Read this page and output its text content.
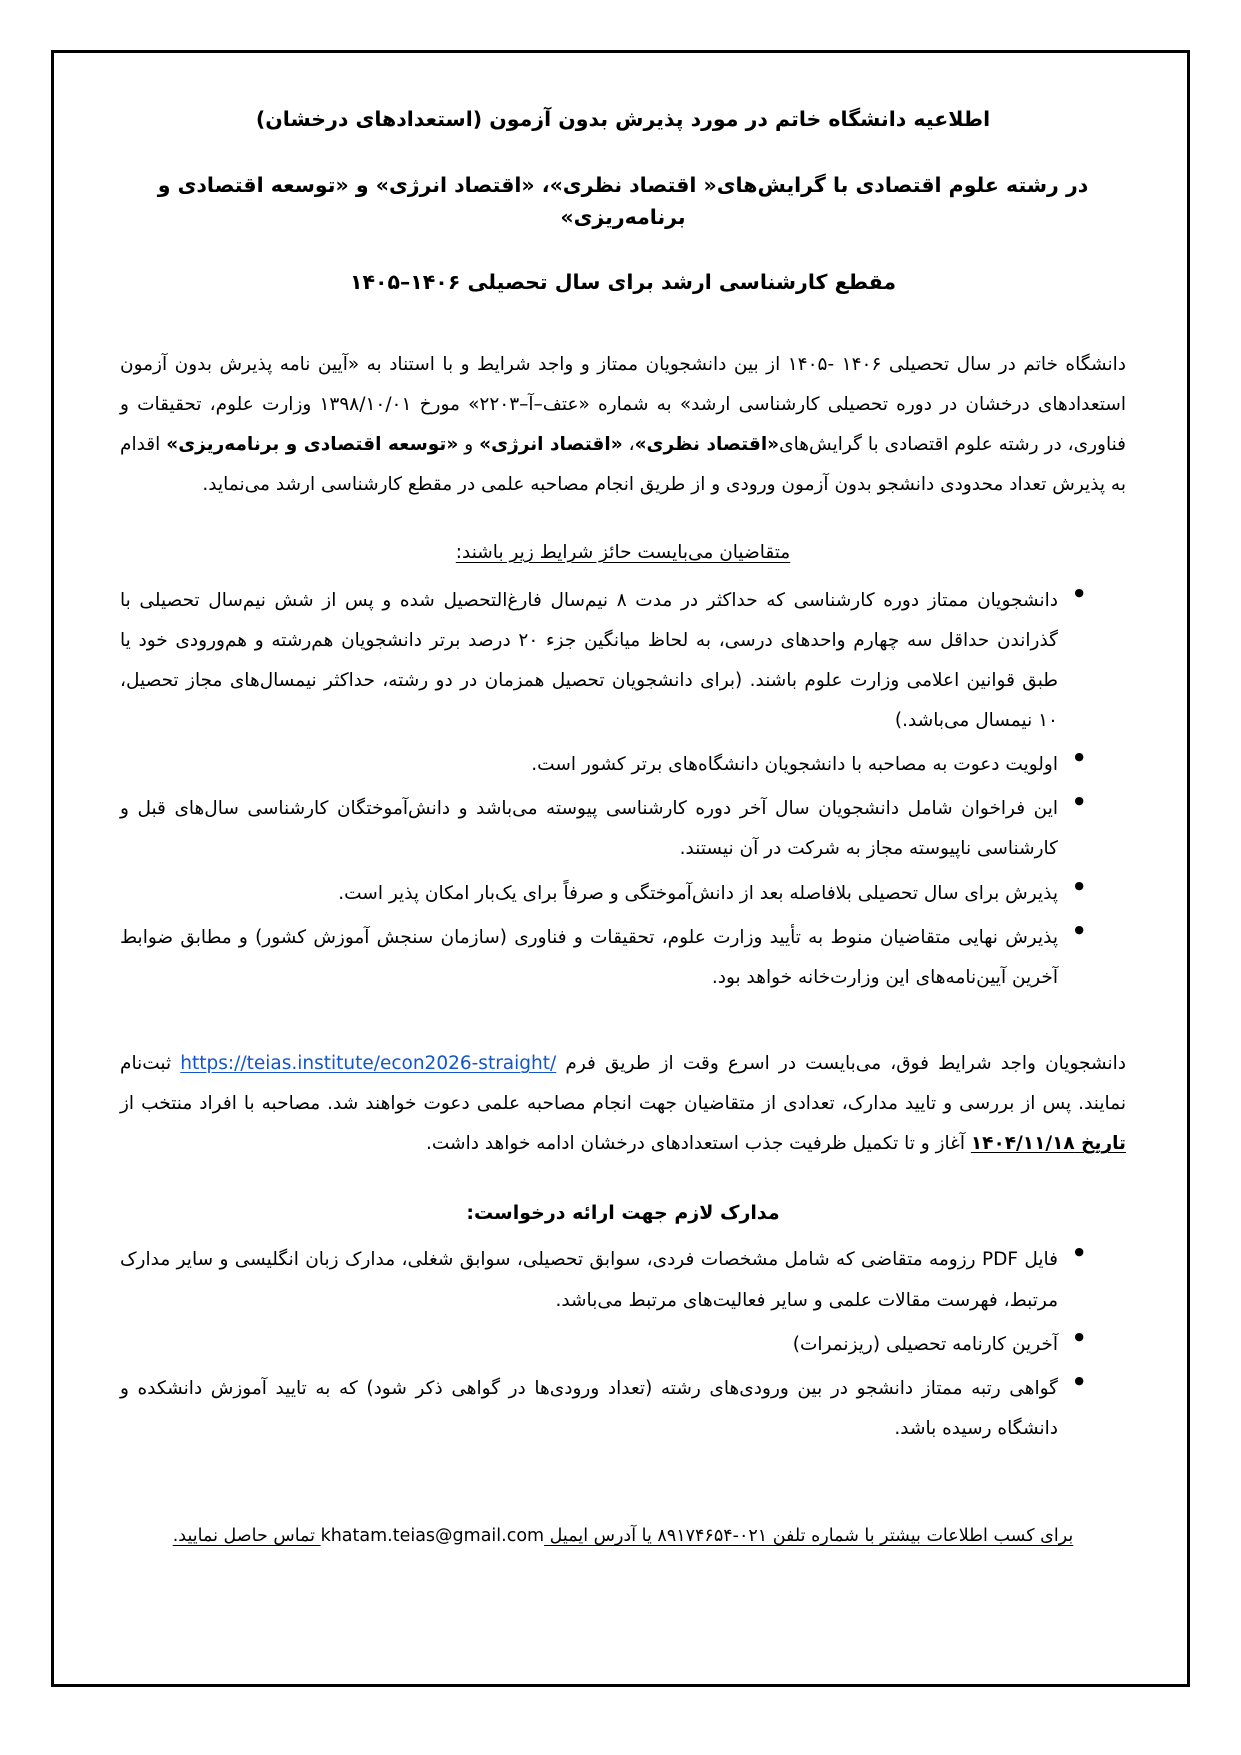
اطلاعیه دانشگاه خاتم در مورد پذیرش بدون آزمون (استعدادهای درخشان)
در رشته علوم اقتصادی با گرایش‌های« اقتصاد نظری»، «اقتصاد انرژی» و «توسعه اقتصادی و برنامه‌ریزی»
مقطع کارشناسی ارشد برای سال تحصیلی ۱۴۰۶–۱۴۰۵

دانشگاه خاتم در سال تحصیلی ۱۴۰۶ -۱۴۰۵ از بین دانشجویان ممتاز و واجد شرایط و با استناد به «آیین نامه پذیرش بدون آزمون استعدادهای درخشان در دوره تحصیلی کارشناسی ارشد» به شماره «عتف–آ–۲۲۰۳» مورخ ۱۳۹۸/۱۰/۰۱ وزارت علوم، تحقیقات و فناوری، در رشته علوم اقتصادی با گرایش‌های«اقتصاد نظری»، «اقتصاد انرژی» و «توسعه اقتصادی و برنامه‌ریزی» اقدام به پذیرش تعداد محدودی دانشجو بدون آزمون ورودی و از طریق انجام مصاحبه علمی در مقطع کارشناسی ارشد می‌نماید.

متقاضیان می‌بایست حائز شرایط زیر باشند:
● دانشجویان ممتاز دوره کارشناسی که حداکثر در مدت ۸ نیم‌سال فارغ‌التحصیل شده و پس از شش نیم‌سال تحصیلی با گذراندن حداقل سه چهارم واحدهای درسی، به لحاظ میانگین جزء ۲۰ درصد برتر دانشجویان هم‌رشته و هم‌ورودی خود یا طبق قوانین اعلامی وزارت علوم باشند. (برای دانشجویان تحصیل همزمان در دو رشته، حداکثر نیمسال‌های مجاز تحصیل، ۱۰ نیمسال می‌باشد.)
● اولویت دعوت به مصاحبه با دانشجویان دانشگاه‌های برتر کشور است.
● این فراخوان شامل دانشجویان سال آخر دوره کارشناسی پیوسته می‌باشد و دانش‌آموختگان کارشناسی سال‌های قبل و کارشناسی ناپیوسته مجاز به شرکت در آن نیستند.
● پذیرش برای سال تحصیلی بلافاصله بعد از دانش‌آموختگی و صرفاً برای یک‌بار امکان پذیر است.
● پذیرش نهایی متقاضیان منوط به تأیید وزارت علوم، تحقیقات و فناوری (سازمان سنجش آموزش کشور) و مطابق ضوابط آخرین آیین‌نامه‌های این وزارت‌خانه خواهد بود.

دانشجویان واجد شرایط فوق، می‌بایست در اسرع وقت از طریق فرم https://teias.institute/econ2026-straight/ ثبت‌نام نمایند. پس از بررسی و تایید مدارک، تعدادی از متقاضیان جهت انجام مصاحبه علمی دعوت خواهند شد. مصاحبه با افراد منتخب از تاریخ ۱۴۰۴/۱۱/۱۸ آغاز و تا تکمیل ظرفیت جذب استعدادهای درخشان ادامه خواهد داشت.

مدارک لازم جهت ارائه درخواست:
● فایل PDF رزومه متقاضی که شامل مشخصات فردی، سوابق تحصیلی، سوابق شغلی، مدارک زبان انگلیسی و سایر مدارک مرتبط، فهرست مقالات علمی و سایر فعالیت‌های مرتبط می‌باشد.
● آخرین کارنامه تحصیلی (ریزنمرات)
● گواهی رتبه ممتاز دانشجو در بین ورودی‌های رشته (تعداد ورودی‌ها در گواهی ذکر شود) که به تایید آموزش دانشکده و دانشگاه رسیده باشد.
برای کسب اطلاعات بیشتر با شماره تلفن ۰۲۱-۸۹۱۷۴۶۵۴ یا آدرس ایمیل khatam.teias@gmail.com تماس حاصل نمایید.
